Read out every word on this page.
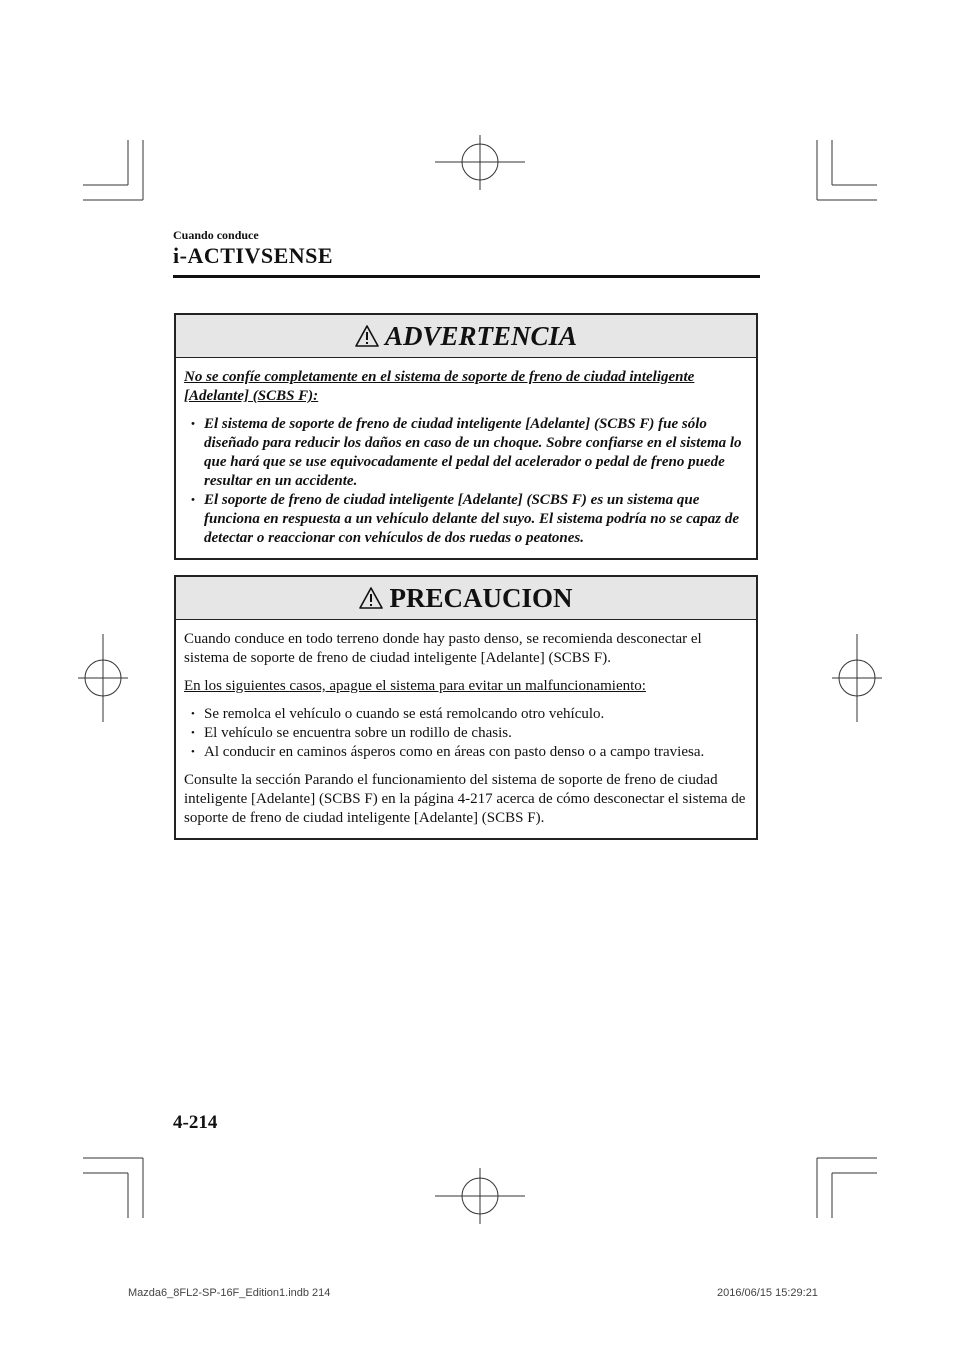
Cuando conduce
i-ACTIVSENSE
ADVERTENCIA

No se confíe completamente en el sistema de soporte de freno de ciudad inteligente [Adelante] (SCBS F):

• El sistema de soporte de freno de ciudad inteligente [Adelante] (SCBS F) fue sólo diseñado para reducir los daños en caso de un choque. Sobre confiarse en el sistema lo que hará que se use equivocadamente el pedal del acelerador o pedal de freno puede resultar en un accidente.
• El soporte de freno de ciudad inteligente [Adelante] (SCBS F) es un sistema que funciona en respuesta a un vehículo delante del suyo. El sistema podría no se capaz de detectar o reaccionar con vehículos de dos ruedas o peatones.
PRECAUCION

Cuando conduce en todo terreno donde hay pasto denso, se recomienda desconectar el sistema de soporte de freno de ciudad inteligente [Adelante] (SCBS F).

En los siguientes casos, apague el sistema para evitar un malfuncionamiento:

• Se remolca el vehículo o cuando se está remolcando otro vehículo.
• El vehículo se encuentra sobre un rodillo de chasis.
• Al conducir en caminos ásperos como en áreas con pasto denso o a campo traviesa.

Consulte la sección Parando el funcionamiento del sistema de soporte de freno de ciudad inteligente [Adelante] (SCBS F) en la página 4-217 acerca de cómo desconectar el sistema de soporte de freno de ciudad inteligente [Adelante] (SCBS F).

4-214
Mazda6_8FL2-SP-16F_Edition1.indb 214	2016/06/15 15:29:21
